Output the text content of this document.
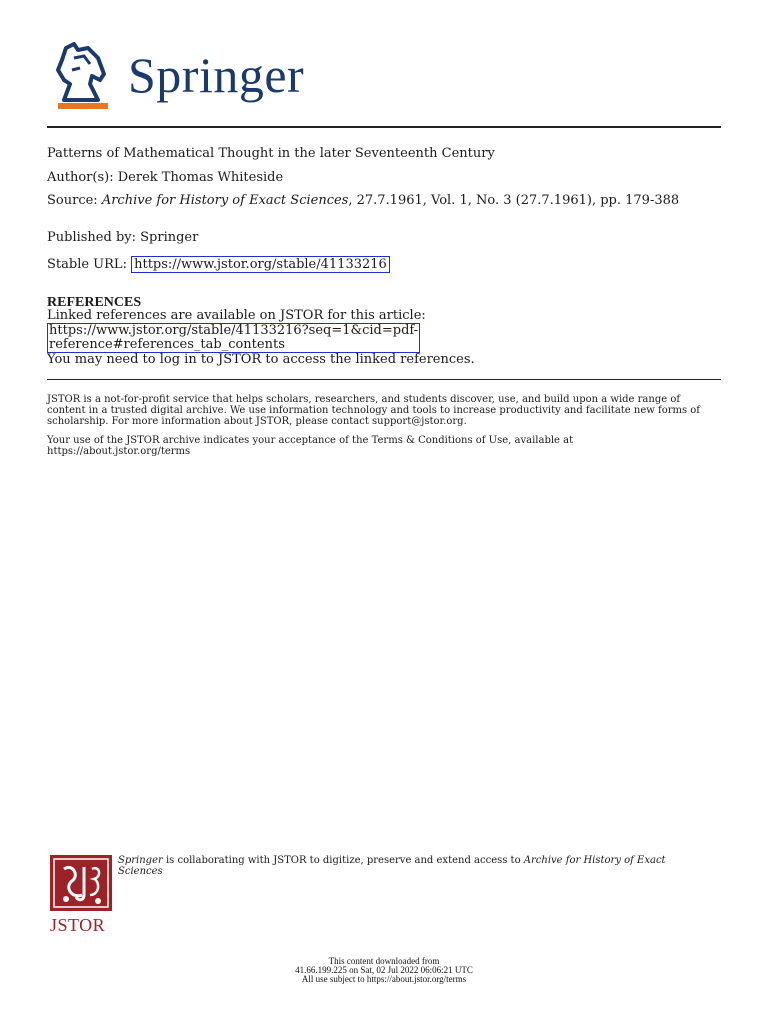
Springer
Patterns of Mathematical Thought in the later Seventeenth Century
Author(s): Derek Thomas Whiteside
Source: Archive for History of Exact Sciences, 27.7.1961, Vol. 1, No. 3 (27.7.1961), pp. 179-388
Published by: Springer
Stable URL: https://www.jstor.org/stable/41133216
REFERENCES
Linked references are available on JSTOR for this article:
https://www.jstor.org/stable/41133216?seq=1&cid=pdf-
reference#references_tab_contents
You may need to log in to JSTOR to access the linked references.
JSTOR is a not-for-profit service that helps scholars, researchers, and students discover, use, and build upon a wide range of content in a trusted digital archive. We use information technology and tools to increase productivity and facilitate new forms of scholarship. For more information about JSTOR, please contact support@jstor.org.
Your use of the JSTOR archive indicates your acceptance of the Terms & Conditions of Use, available at https://about.jstor.org/terms
JSTOR
Springer is collaborating with JSTOR to digitize, preserve and extend access to Archive for History of Exact Sciences
This content downloaded from
41.66.199.225 on Sat, 02 Jul 2022 06:06:21 UTC
All use subject to https://about.jstor.org/terms
